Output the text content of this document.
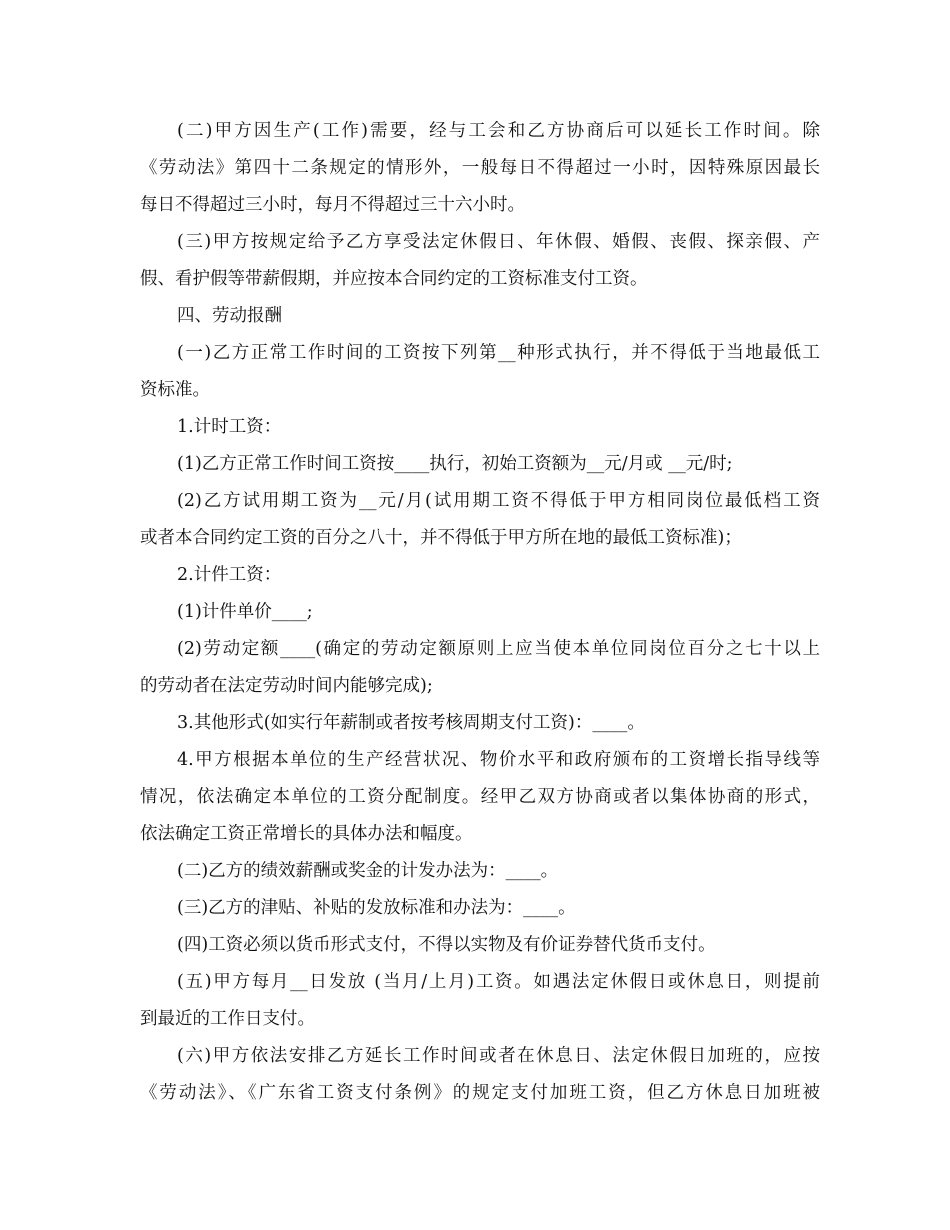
(二)甲方因生产(工作)需要，经与工会和乙方协商后可以延长工作时间。除
《劳动法》第四十二条规定的情形外，一般每日不得超过一小时，因特殊原因最长
每日不得超过三小时，每月不得超过三十六小时。
(三)甲方按规定给予乙方享受法定休假日、年休假、婚假、丧假、探亲假、产
假、看护假等带薪假期，并应按本合同约定的工资标准支付工资。
四、劳动报酬
(一)乙方正常工作时间的工资按下列第__种形式执行，并不得低于当地最低工
资标准。
1.计时工资：
(1)乙方正常工作时间工资按____执行，初始工资额为__元/月或 __元/时;
(2)乙方试用期工资为__元/月(试用期工资不得低于甲方相同岗位最低档工资
或者本合同约定工资的百分之八十，并不得低于甲方所在地的最低工资标准)；
2.计件工资：
(1)计件单价____;
(2)劳动定额____(确定的劳动定额原则上应当使本单位同岗位百分之七十以上
的劳动者在法定劳动时间内能够完成);
3.其他形式(如实行年薪制或者按考核周期支付工资)：____。
4.甲方根据本单位的生产经营状况、物价水平和政府颁布的工资增长指导线等
情况，依法确定本单位的工资分配制度。经甲乙双方协商或者以集体协商的形式，
依法确定工资正常增长的具体办法和幅度。
(二)乙方的绩效薪酬或奖金的计发办法为：____。
(三)乙方的津贴、补贴的发放标准和办法为：____。
(四)工资必须以货币形式支付，不得以实物及有价证券替代货币支付。
(五)甲方每月__日发放 (当月/上月)工资。如遇法定休假日或休息日，则提前
到最近的工作日支付。
(六)甲方依法安排乙方延长工作时间或者在休息日、法定休假日加班的，应按
《劳动法》、《广东省工资支付条例》的规定支付加班工资，但乙方休息日加班被
